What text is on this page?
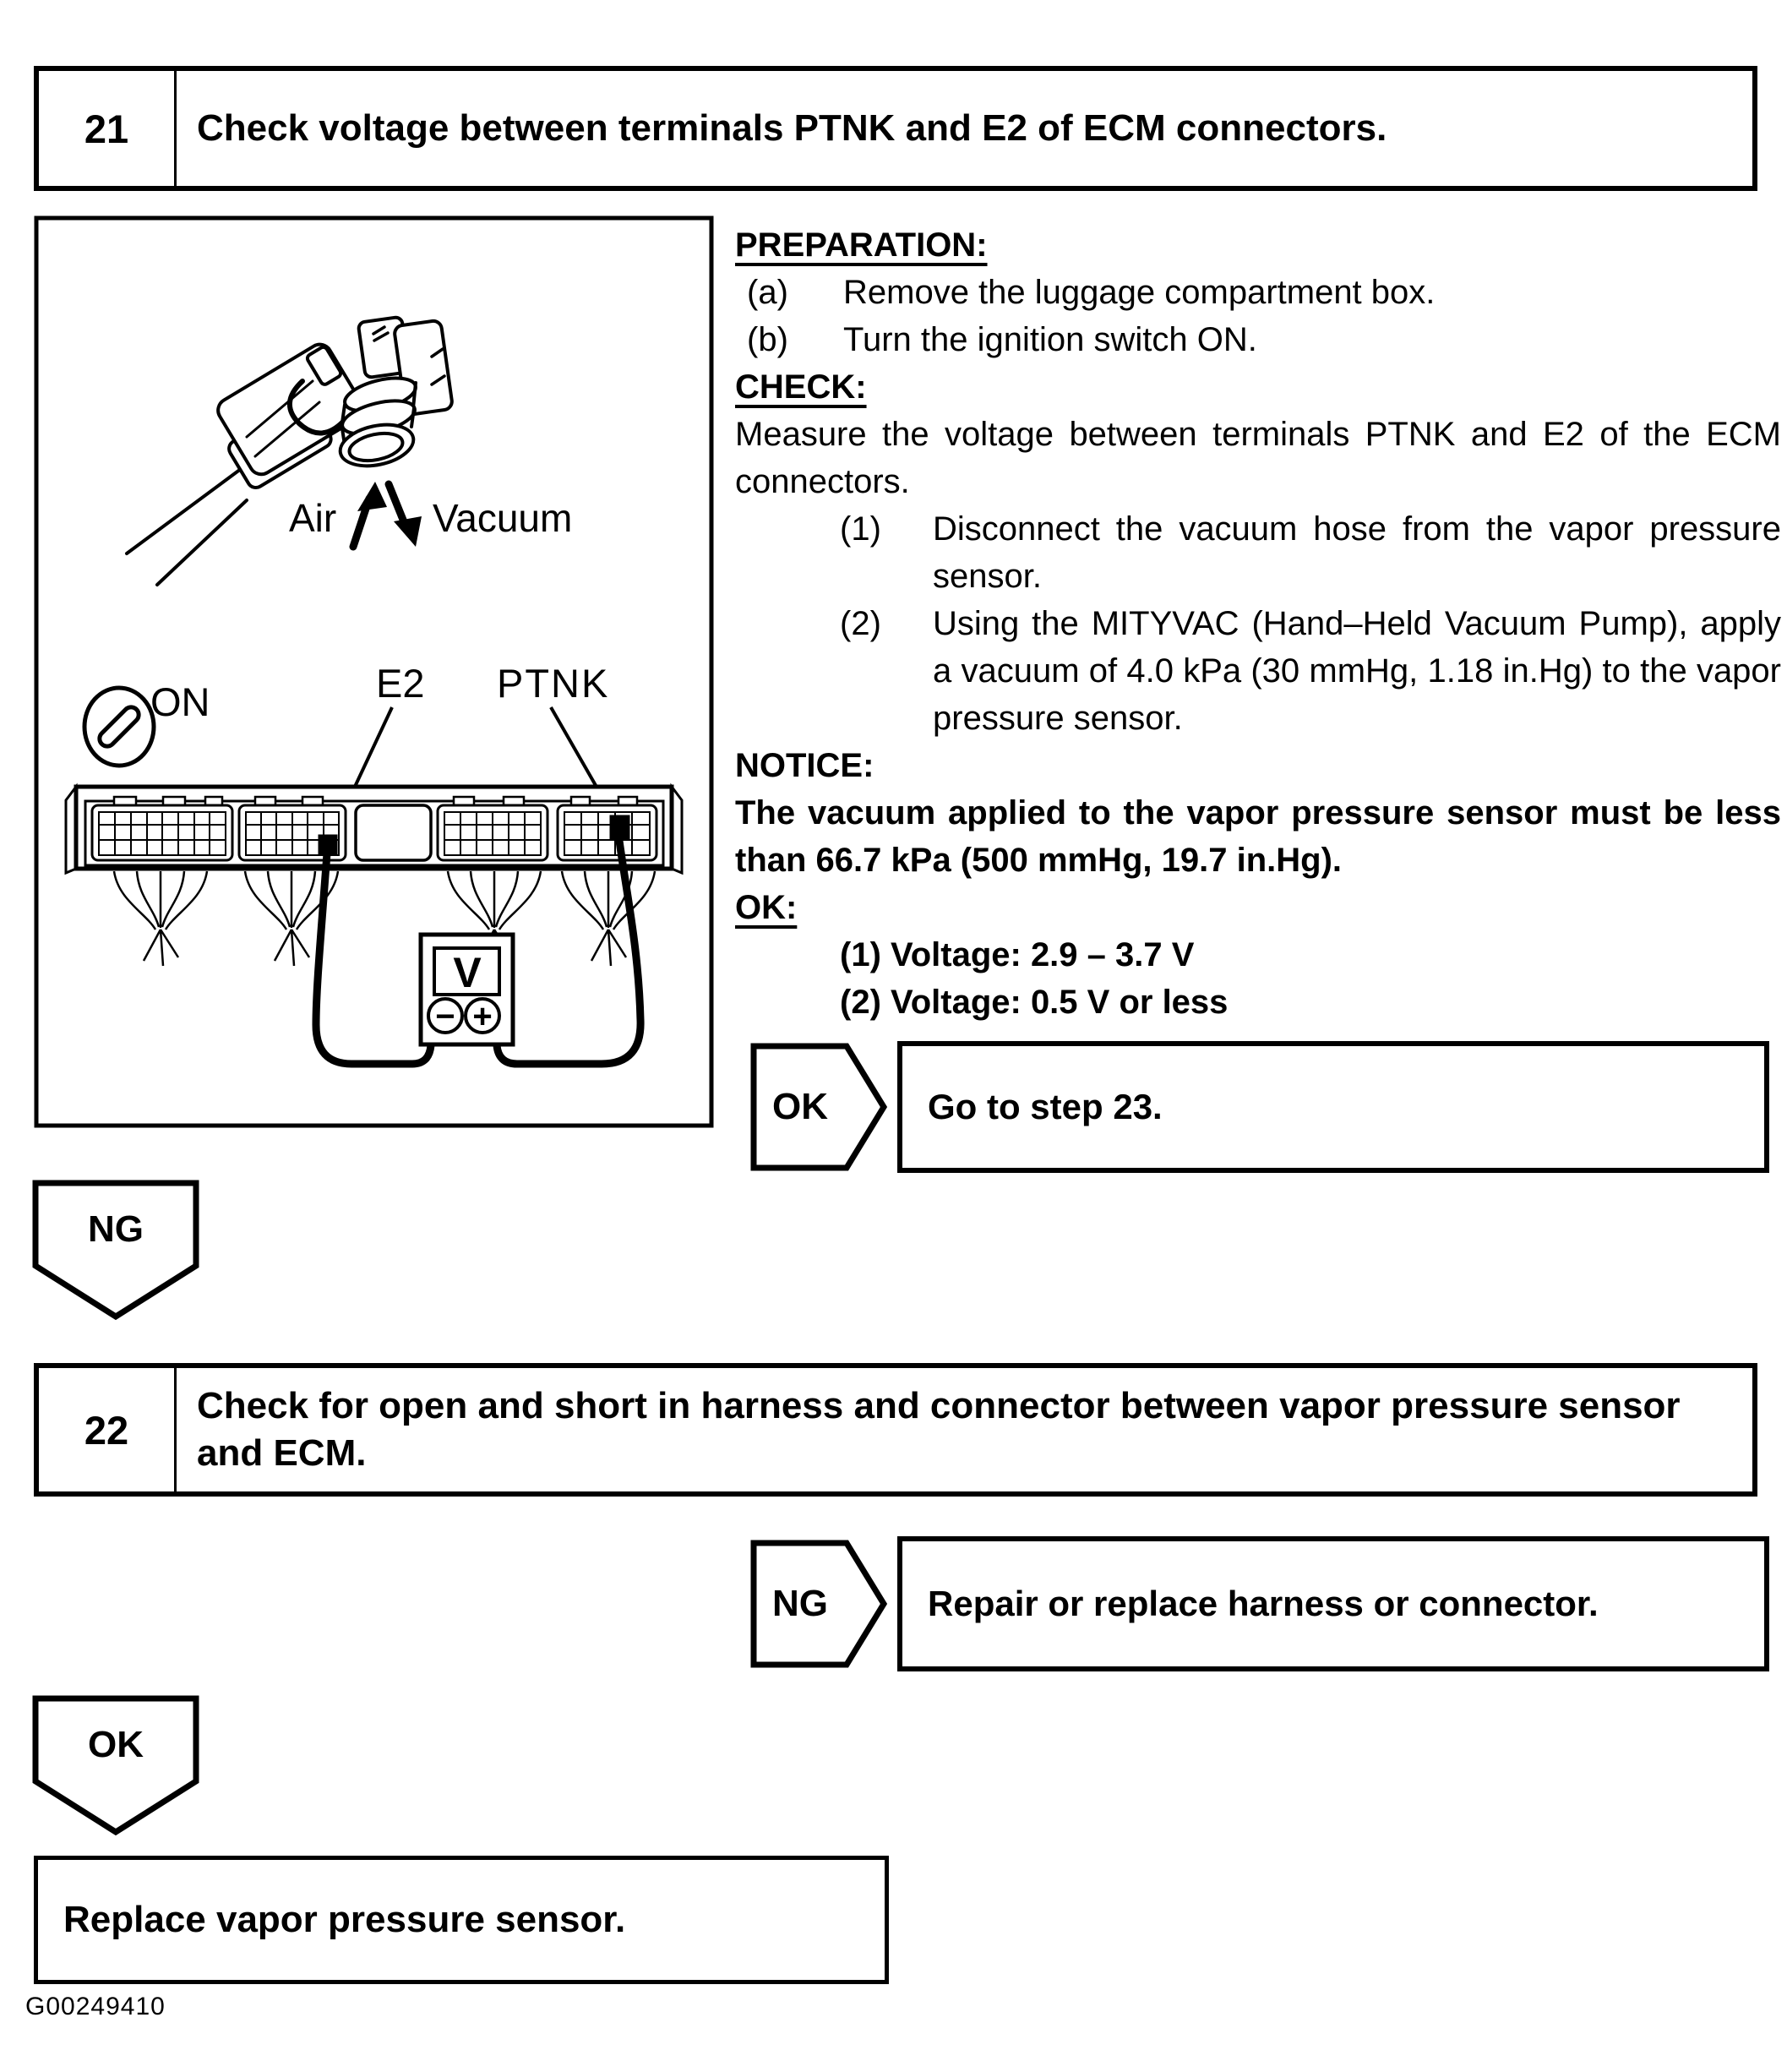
21	Check voltage between terminals PTNK and E2 of ECM connectors.
Air Vacuum
ON	E2 PTNK
V
− +
PREPARATION:
(a)	Remove the luggage compartment box.
(b)	Turn the ignition switch ON.
CHECK:
Measure the voltage between terminals PTNK and E2 of the ECM connectors.
(1)	Disconnect the vacuum hose from the vapor pressure sensor.
(2)	Using the MITYVAC (Hand–Held Vacuum Pump), apply a vacuum of 4.0 kPa (30 mmHg, 1.18 in.Hg) to the vapor pressure sensor.
NOTICE:
The vacuum applied to the vapor pressure sensor must be less than 66.7 kPa (500 mmHg, 19.7 in.Hg).
OK:
(1) Voltage: 2.9 – 3.7 V
(2) Voltage: 0.5 V or less
OK	Go to step 23.
NG
22
Check for open and short in harness and connector between vapor pressure sensor and ECM.
NG	Repair or replace harness or connector.
OK
Replace vapor pressure sensor.
G00249410
